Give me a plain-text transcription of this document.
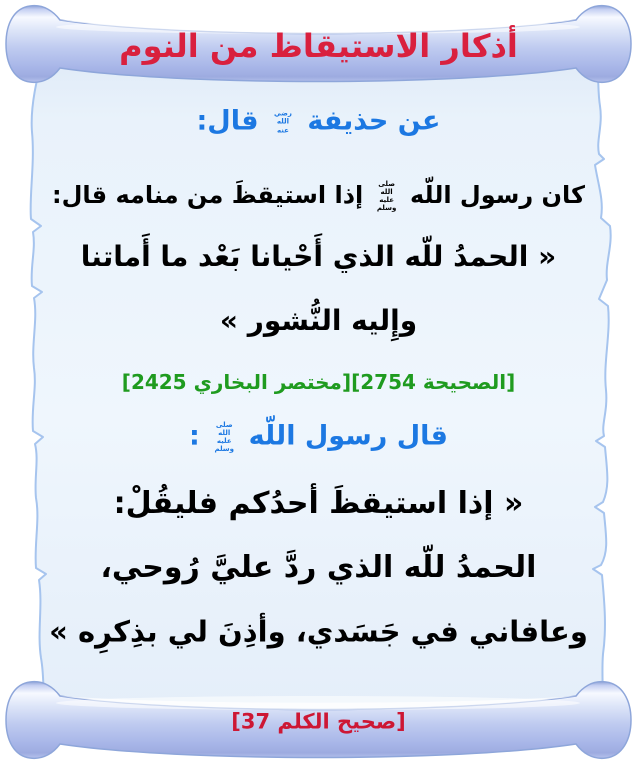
أذكار الاستيقاظ من النوم
عن حذيفة رضي الله عنه قال:
كان رسول اللّه صلى الله عليه وسلم إذا استيقظَ من منامه قال:
« الحمدُ للّه الذي أَحْيانا بَعْد ما أَماتنا
وإِليه النُّشور »
[الصحيحة 2754][مختصر البخاري 2425]
قال رسول اللّه صلى الله عليه وسلم :
« إذا استيقظَ أحدُكم فليقُلْ:
الحمدُ للّه الذي ردَّ عليَّ رُوحي،
وعافاني في جَسَدي، وأذِنَ لي بذِكرِه »
[صحيح الكلم 37]
